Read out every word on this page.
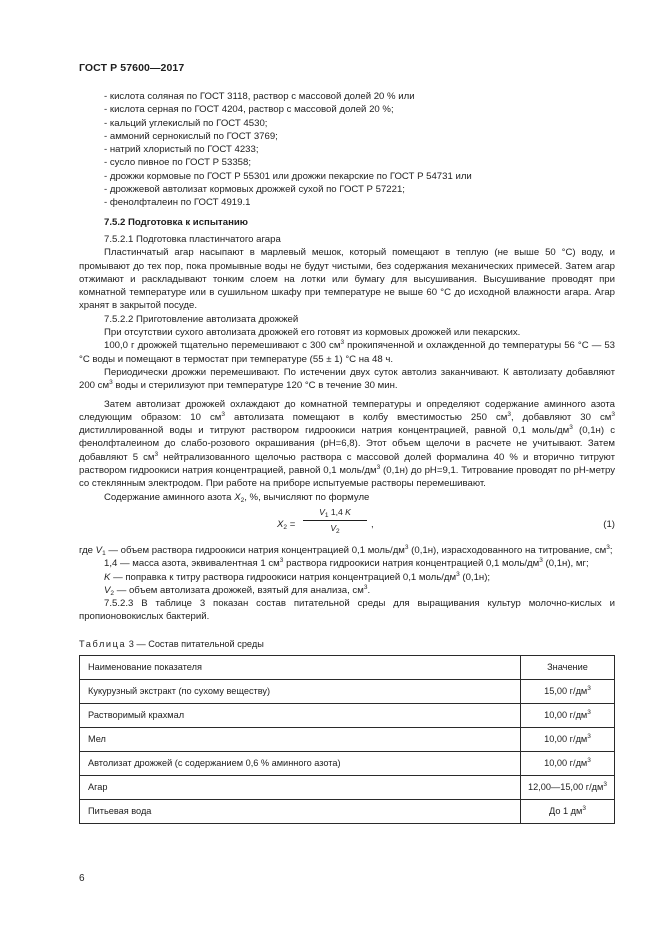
ГОСТ Р 57600—2017
- кислота соляная по ГОСТ 3118, раствор с массовой долей 20 % или
- кислота серная по ГОСТ 4204, раствор с массовой долей 20 %;
- кальций углекислый по ГОСТ 4530;
- аммоний сернокислый по ГОСТ 3769;
- натрий хлористый по ГОСТ 4233;
- сусло пивное по ГОСТ Р 53358;
- дрожжи кормовые по ГОСТ Р 55301 или дрожжи пекарские по ГОСТ Р 54731 или
- дрожжевой автолизат кормовых дрожжей сухой по ГОСТ Р 57221;
- фенолфталеин по ГОСТ 4919.1
7.5.2 Подготовка к испытанию
7.5.2.1 Подготовка пластинчатого агара
Пластинчатый агар насыпают в марлевый мешок, который помещают в теплую (не выше 50 °С) воду, и промывают до тех пор, пока промывные воды не будут чистыми, без содержания механических примесей. Затем агар отжимают и раскладывают тонким слоем на лотки или бумагу для высушивания. Высушивание проводят при комнатной температуре или в сушильном шкафу при температуре не выше 60 °С до исходной влажности агара. Агар хранят в закрытой посуде.
7.5.2.2 Приготовление автолизата дрожжей
При отсутствии сухого автолизата дрожжей его готовят из кормовых дрожжей или пекарских.
100,0 г дрожжей тщательно перемешивают с 300 $см^3$ прокипяченной и охлажденной до температуры 56 °С — 53 °С воды и помещают в термостат при температуре (55 ± 1) °С на 48 ч.
Периодически дрожжи перемешивают. По истечении двух суток автолиз заканчивают. К автолизату добавляют 200 $см^3$ воды и стерилизуют при температуре 120 °С в течение 30 мин.
Затем автолизат дрожжей охлаждают до комнатной температуры и определяют содержание аминного азота следующим образом: 10 $см^3$ автолизата помещают в колбу вместимостью 250 $см^3$, добавляют 30 $см^3$ дистиллированной воды и титруют раствором гидроокиси натрия концентрацией, равной 0,1 моль/$дм^3$ (0,1н) с фенолфталеином до слабо-розового окрашивания (рН=6,8). Этот объем щелочи в расчете не учитывают. Затем добавляют 5 $см^3$ нейтрализованного щелочью раствора с массовой долей формалина 40 % и вторично титруют раствором гидроокиси натрия концентрацией, равной 0,1 моль/$дм^3$ (0,1н) до рН=9,1. Титрование проводят по рН-метру со стеклянным электродом. При работе на приборе испытуемые растворы перемешивают.
Содержание аминного азота $X_2$, %, вычисляют по формуле
$X_2 = \frac{V_1 1,4 K}{V_2}$ ,	(1)
где $V_1$ — объем раствора гидроокиси натрия концентрацией 0,1 моль/$дм^3$ (0,1н), израсходованного на титрование, $см^3$;
1,4 — масса азота, эквивалентная 1 $см^3$ раствора гидроокиси натрия концентрацией 0,1 моль/$дм^3$ (0,1н), мг;
K — поправка к титру раствора гидроокиси натрия концентрацией 0,1 моль/$дм^3$ (0,1н);
$V_2$ — объем автолизата дрожжей, взятый для анализа, $см^3$.
7.5.2.3 В таблице 3 показан состав питательной среды для выращивания культур молочно-кислых и пропионовокислых бактерий.
Таблица 3 — Состав питательной среды
Наименование показателя	Значение
Кукурузный экстракт (по сухому веществу)	15,00 $г/дм^3$
Растворимый крахмал	10,00 $г/дм^3$
Мел	10,00 $г/дм^3$
Автолизат дрожжей (с содержанием 0,6 % аминного азота)	10,00 $г/дм^3$
Агар	12,00—15,00 $г/дм^3$
Питьевая вода	До 1 $дм^3$
6
